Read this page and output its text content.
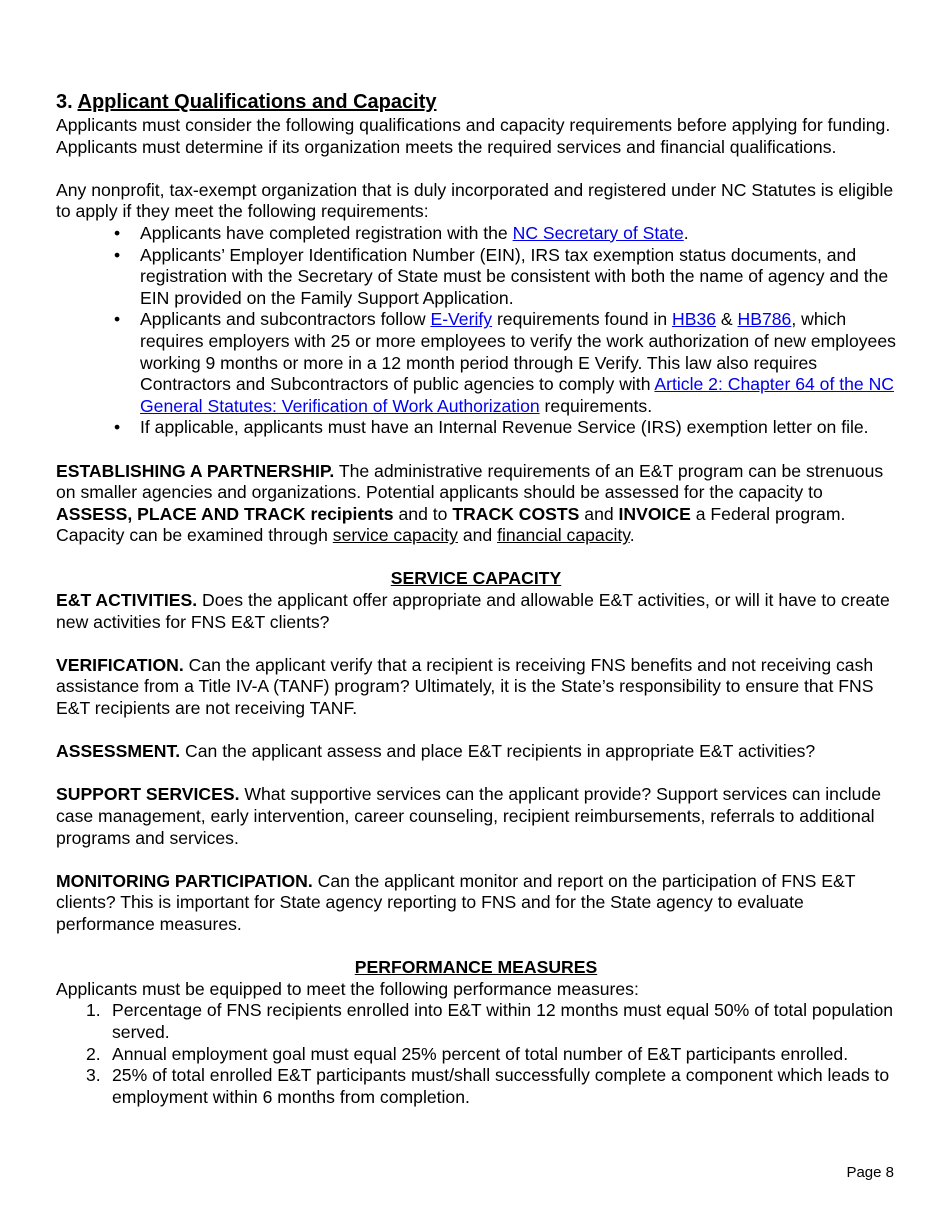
3. Applicant Qualifications and Capacity

Applicants must consider the following qualifications and capacity requirements before applying for funding. Applicants must determine if its organization meets the required services and financial qualifications.

Any nonprofit, tax-exempt organization that is duly incorporated and registered under NC Statutes is eligible to apply if they meet the following requirements:

• Applicants have completed registration with the NC Secretary of State.
• Applicants’ Employer Identification Number (EIN), IRS tax exemption status documents, and registration with the Secretary of State must be consistent with both the name of agency and the EIN provided on the Family Support Application.
• Applicants and subcontractors follow E-Verify requirements found in HB36 & HB786, which requires employers with 25 or more employees to verify the work authorization of new employees working 9 months or more in a 12 month period through E Verify. This law also requires Contractors and Subcontractors of public agencies to comply with Article 2: Chapter 64 of the NC General Statutes: Verification of Work Authorization requirements.
• If applicable, applicants must have an Internal Revenue Service (IRS) exemption letter on file.

ESTABLISHING A PARTNERSHIP. The administrative requirements of an E&T program can be strenuous on smaller agencies and organizations. Potential applicants should be assessed for the capacity to ASSESS, PLACE AND TRACK recipients and to TRACK COSTS and INVOICE a Federal program. Capacity can be examined through service capacity and financial capacity.

SERVICE CAPACITY

E&T ACTIVITIES. Does the applicant offer appropriate and allowable E&T activities, or will it have to create new activities for FNS E&T clients?

VERIFICATION. Can the applicant verify that a recipient is receiving FNS benefits and not receiving cash assistance from a Title IV-A (TANF) program? Ultimately, it is the State’s responsibility to ensure that FNS E&T recipients are not receiving TANF.

ASSESSMENT. Can the applicant assess and place E&T recipients in appropriate E&T activities?

SUPPORT SERVICES. What supportive services can the applicant provide? Support services can include case management, early intervention, career counseling, recipient reimbursements, referrals to additional programs and services.

MONITORING PARTICIPATION. Can the applicant monitor and report on the participation of FNS E&T clients? This is important for State agency reporting to FNS and for the State agency to evaluate performance measures.

PERFORMANCE MEASURES

Applicants must be equipped to meet the following performance measures:

1. Percentage of FNS recipients enrolled into E&T within 12 months must equal 50% of total population served.
2. Annual employment goal must equal 25% percent of total number of E&T participants enrolled.
3. 25% of total enrolled E&T participants must/shall successfully complete a component which leads to employment within 6 months from completion.
Page 8
